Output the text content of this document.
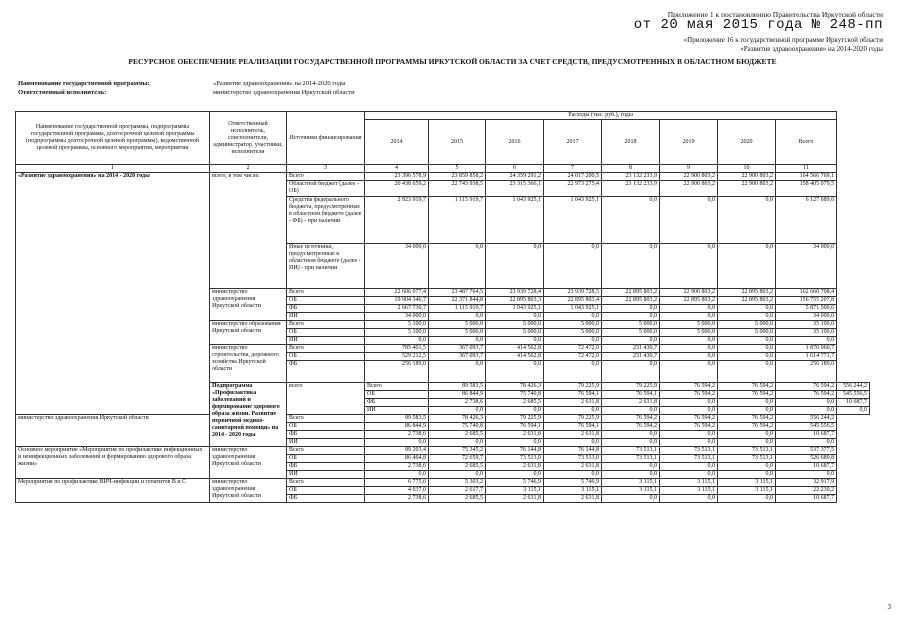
Приложение 1 к постановлению Правительства Иркутской области
от 20 мая 2015 года № 248-пп
«Приложение 16 к государственной программе Иркутской области
«Развитие здравоохранения» на 2014-2020 годы
РЕСУРСНОЕ ОБЕСПЕЧЕНИЕ РЕАЛИЗАЦИИ ГОСУДАРСТВЕННОЙ ПРОГРАММЫ ИРКУТСКОЙ ОБЛАСТИ ЗА СЧЕТ СРЕДСТВ, ПРЕДУСМОТРЕННЫХ В ОБЛАСТНОМ БЮДЖЕТЕ
Наименование государственной программы:	«Развитие здравоохранения» на 2014-2020 годы
Ответственный исполнитель:	министерство здравоохранения Иркутской области
Наименование государственной программы, подпрограммы государственной программы, долгосрочной целевой программы (подпрограммы долгосрочной целевой программы), ведомственной целевой программы, основного мероприятия, мероприятия	Ответственный исполнитель, соисполнители, администратор, участники, исполнители	Источники финансирования	Расходы (тыс. руб.), годы								
			2014	2015	2016	2017	2018	2019	2020	Всего	
1	2	3	4	5	6	7	8	9	10	11	
«Развитие здравоохранения» на 2014 - 2020 годы	всего, в том числе:	Всего	23 396 578,9	23 859 858,2	24 359 291,2	24 017 200,5	23 132 233,9	22 900 803,2	22 900 803,2	164 566 769,1	
		Областной бюджет (далее - ОБ)	20 438 659,2	22 743 938,5	23 315 366,1	22 973 275,4	23 132 233,9	22 900 803,2	22 900 803,2	158 405 079,5	
		Средства федерального бюджета, предусмотренные в областном бюджете (далее - ФБ) - при наличии	2 923 919,7	1 115 919,7	1 043 925,1	1 043 925,1	0,0	0,0	0,0	6 127 689,6	
		Иные источники, предусмотренные в областном бюджете (далее - ИИ) - при наличии	34 000,0	0,0	0,0	0,0	0,0	0,0	0,0	34 000,0	
	министерство здравоохранения Иркутской области	Всего	22 606 077,4	23 487 764,5	23 939 728,4	23 939 728,5	22 895 803,2	22 900 803,2	22 895 803,2	162 660 708,4	
		ОБ	19 904 346,7	22 371 844,8	22 895 803,3	22 895 803,4	22 895 803,2	22 895 803,2	22 895 803,2	156 755 207,8	
		ФБ	2 667 730,7	1 115 919,7	1 043 925,1	1 043 925,1	0,0	0,0	0,0	5 871 500,6	
		ИИ	34 000,0	0,0	0,0	0,0	0,0	0,0	0,0	34 000,0	
	министерство образования Иркутской области	Всего	5 100,0	5 000,0	5 000,0	5 000,0	5 000,0	5 000,0	5 000,0	35 100,0	
		ОБ	5 100,0	5 000,0	5 000,0	5 000,0	5 000,0	5 000,0	5 000,0	35 100,0	
		ИИ	0,0	0,0	0,0	0,0	0,0	0,0	0,0	0,0	
	министерство строительства, дорожного хозяйства Иркутской области	Всего	785 401,5	367 093,7	414 562,8	72 472,0	231 430,7	0,0	0,0	1 870 960,7	
		ОБ	529 212,5	367 093,7	414 562,8	72 472,0	231 430,7	0,0	0,0	1 614 771,7	
		ФБ	256 189,0	0,0	0,0	0,0	0,0	0,0	0,0	256 189,0	
	Подпрограмма «Профилактика заболеваний и формирование здорового образа жизни. Развитие первичной медико-санитарной помощи» на 2014 - 2020 годы	всего	Всего	89 583,5	78 426,3	79 225,9	79 225,9	76 594,2	76 594,2	76 594,2	556 244,2
			ОБ	86 844,9	75 740,8	76 594,1	76 594,1	76 594,2	76 594,2	76 594,2	545 556,5
			ФБ	2 738,6	2 685,5	2 631,8	2 631,8	0,0	0,0	0,0	10 687,7
			ИИ	0,0	0,0	0,0	0,0	0,0	0,0	0,0	0,0
министерство здравоохранения Иркутской области		Всего	89 583,5	78 426,3	79 225,9	79 225,9	76 594,2	76 594,2	76 594,2	556 244,2	
		ОБ	86 844,9	75 740,8	76 594,1	76 594,1	76 594,2	76 594,2	76 594,2	545 556,5	
		ФБ	2 738,6	2 685,5	2 631,8	2 631,8	0,0	0,0	0,0	10 687,7	
		ИИ	0,0	0,0	0,0	0,0	0,0	0,0	0,0	0,0	
Основное мероприятие «Мероприятия по профилактике инфекционных и неинфекционных заболеваний и формированию здорового образа жизни»	министерство здравоохранения Иркутской области	Всего	89 203,4	75 345,2	76 144,8	76 144,8	73 513,1	73 513,1	73 513,1	537 377,5	
		ОБ	86 464,8	72 659,7	73 513,0	73 513,0	73 513,1	73 513,1	73 513,1	526 689,8	
		ФБ	2 738,6	2 685,5	2 631,8	2 631,8	0,0	0,0	0,0	10 687,7	
		ИИ	0,0	0,0	0,0	0,0	0,0	0,0	0,0	0,0	
Мероприятия по профилактике ВИЧ-инфекции и гепатитов В и С	министерство здравоохранения Иркутской области	Всего	6 775,6	5 303,2	5 746,9	5 746,9	3 115,1	3 115,1	3 115,1	32 917,9	
		ОБ	4 037,0	2 617,7	3 115,1	3 115,1	3 115,1	3 115,1	3 115,1	22 230,2	
		ФБ	2 738,6	2 685,5	2 631,8	2 631,8	0,0	0,0	0,0	10 687,7	
3
